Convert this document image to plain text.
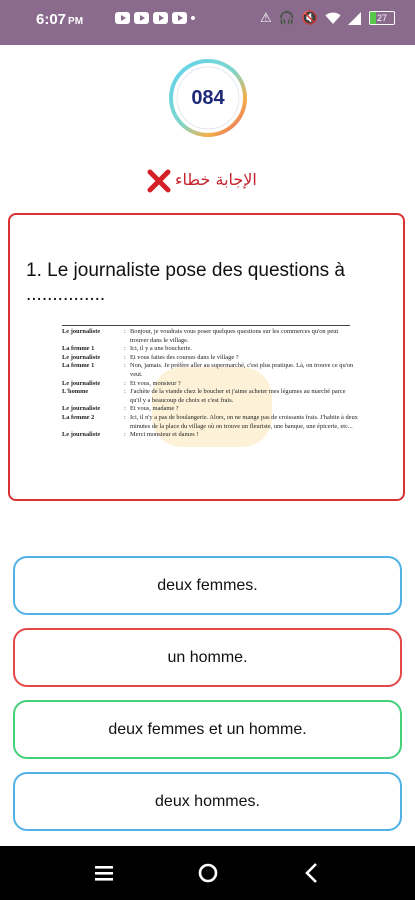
6:07 PM	⚠ 🎧 🔇	27
084
الإجابة خطاء
1. Le journaliste pose des questions à ...............
Le journaliste	: Bonjour, je voudrais vous poser quelques questions sur les commerces qu'on peut trouver dans le village.
La femme 1	: Ici, il y a une boucherie.
Le journaliste	: Et vous faites des courses dans le village ?
La femme 1	: Non, jamais. Je préfère aller au supermarché, c'est plus pratique. Là, on trouve ce qu'on veut.
Le journaliste	: Et vous, monsieur ?
L'homme	: J'achète de la viande chez le boucher et j'aime acheter mes légumes au marché parce qu'il y a beaucoup de choix et c'est frais.
Le journaliste	: Et vous, madame ?
La femme 2	: Ici, il n'y a pas de boulangerie. Alors, on ne mange pas de croissants frais. J'habite à deux minutes de la place du village où on trouve un fleuriste, une banque, une épicerie, etc...
Le journaliste	: Merci monsieur et dames !
deux femmes.
un homme.
deux femmes et un homme.
deux hommes.
